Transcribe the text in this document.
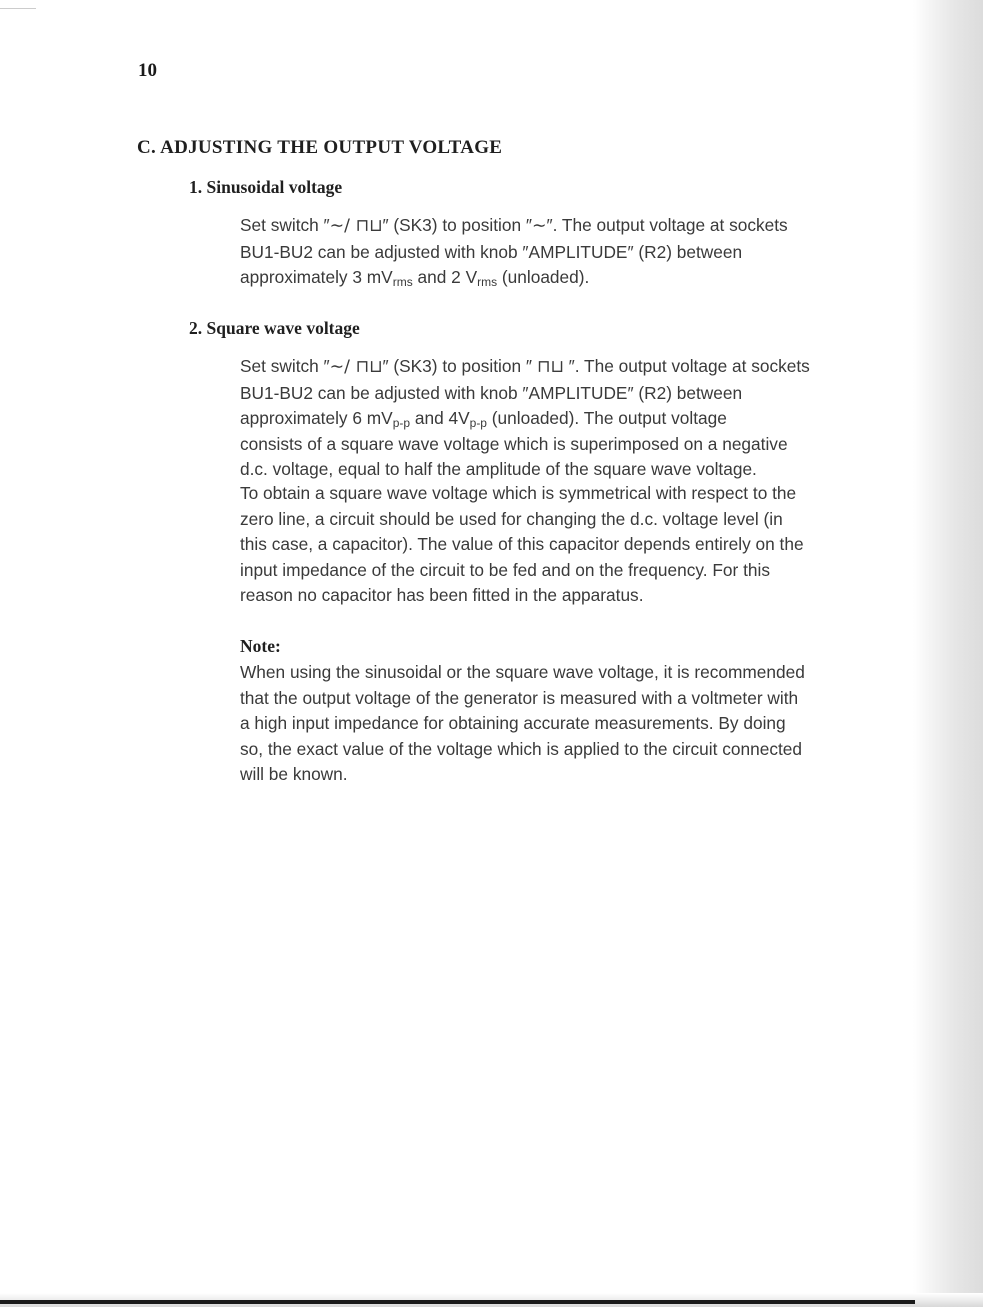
10
C. ADJUSTING THE OUTPUT VOLTAGE
1. Sinusoidal voltage
Set switch ″∼/ ⊓⊔″ (SK3) to position ″∼″. The output voltage at sockets
BU1-BU2 can be adjusted with knob ″AMPLITUDE″ (R2) between
approximately 3 $mV_{rms}$ and 2 $V_{rms}$ (unloaded).
2. Square wave voltage
Set switch ″∼/ ⊓⊔″ (SK3) to position ″ ⊓⊔ ″. The output voltage at sockets
BU1-BU2 can be adjusted with knob ″AMPLITUDE″ (R2) between
approximately 6 $mV_{p-p}$ and $4V_{p-p}$ (unloaded). The output voltage
consists of a square wave voltage which is superimposed on a negative
d.c. voltage, equal to half the amplitude of the square wave voltage.
To obtain a square wave voltage which is symmetrical with respect to the
zero line, a circuit should be used for changing the d.c. voltage level (in
this case, a capacitor). The value of this capacitor depends entirely on the
input impedance of the circuit to be fed and on the frequency. For this
reason no capacitor has been fitted in the apparatus.
Note:
When using the sinusoidal or the square wave voltage, it is recommended
that the output voltage of the generator is measured with a voltmeter with
a high input impedance for obtaining accurate measurements. By doing
so, the exact value of the voltage which is applied to the circuit connected
will be known.
